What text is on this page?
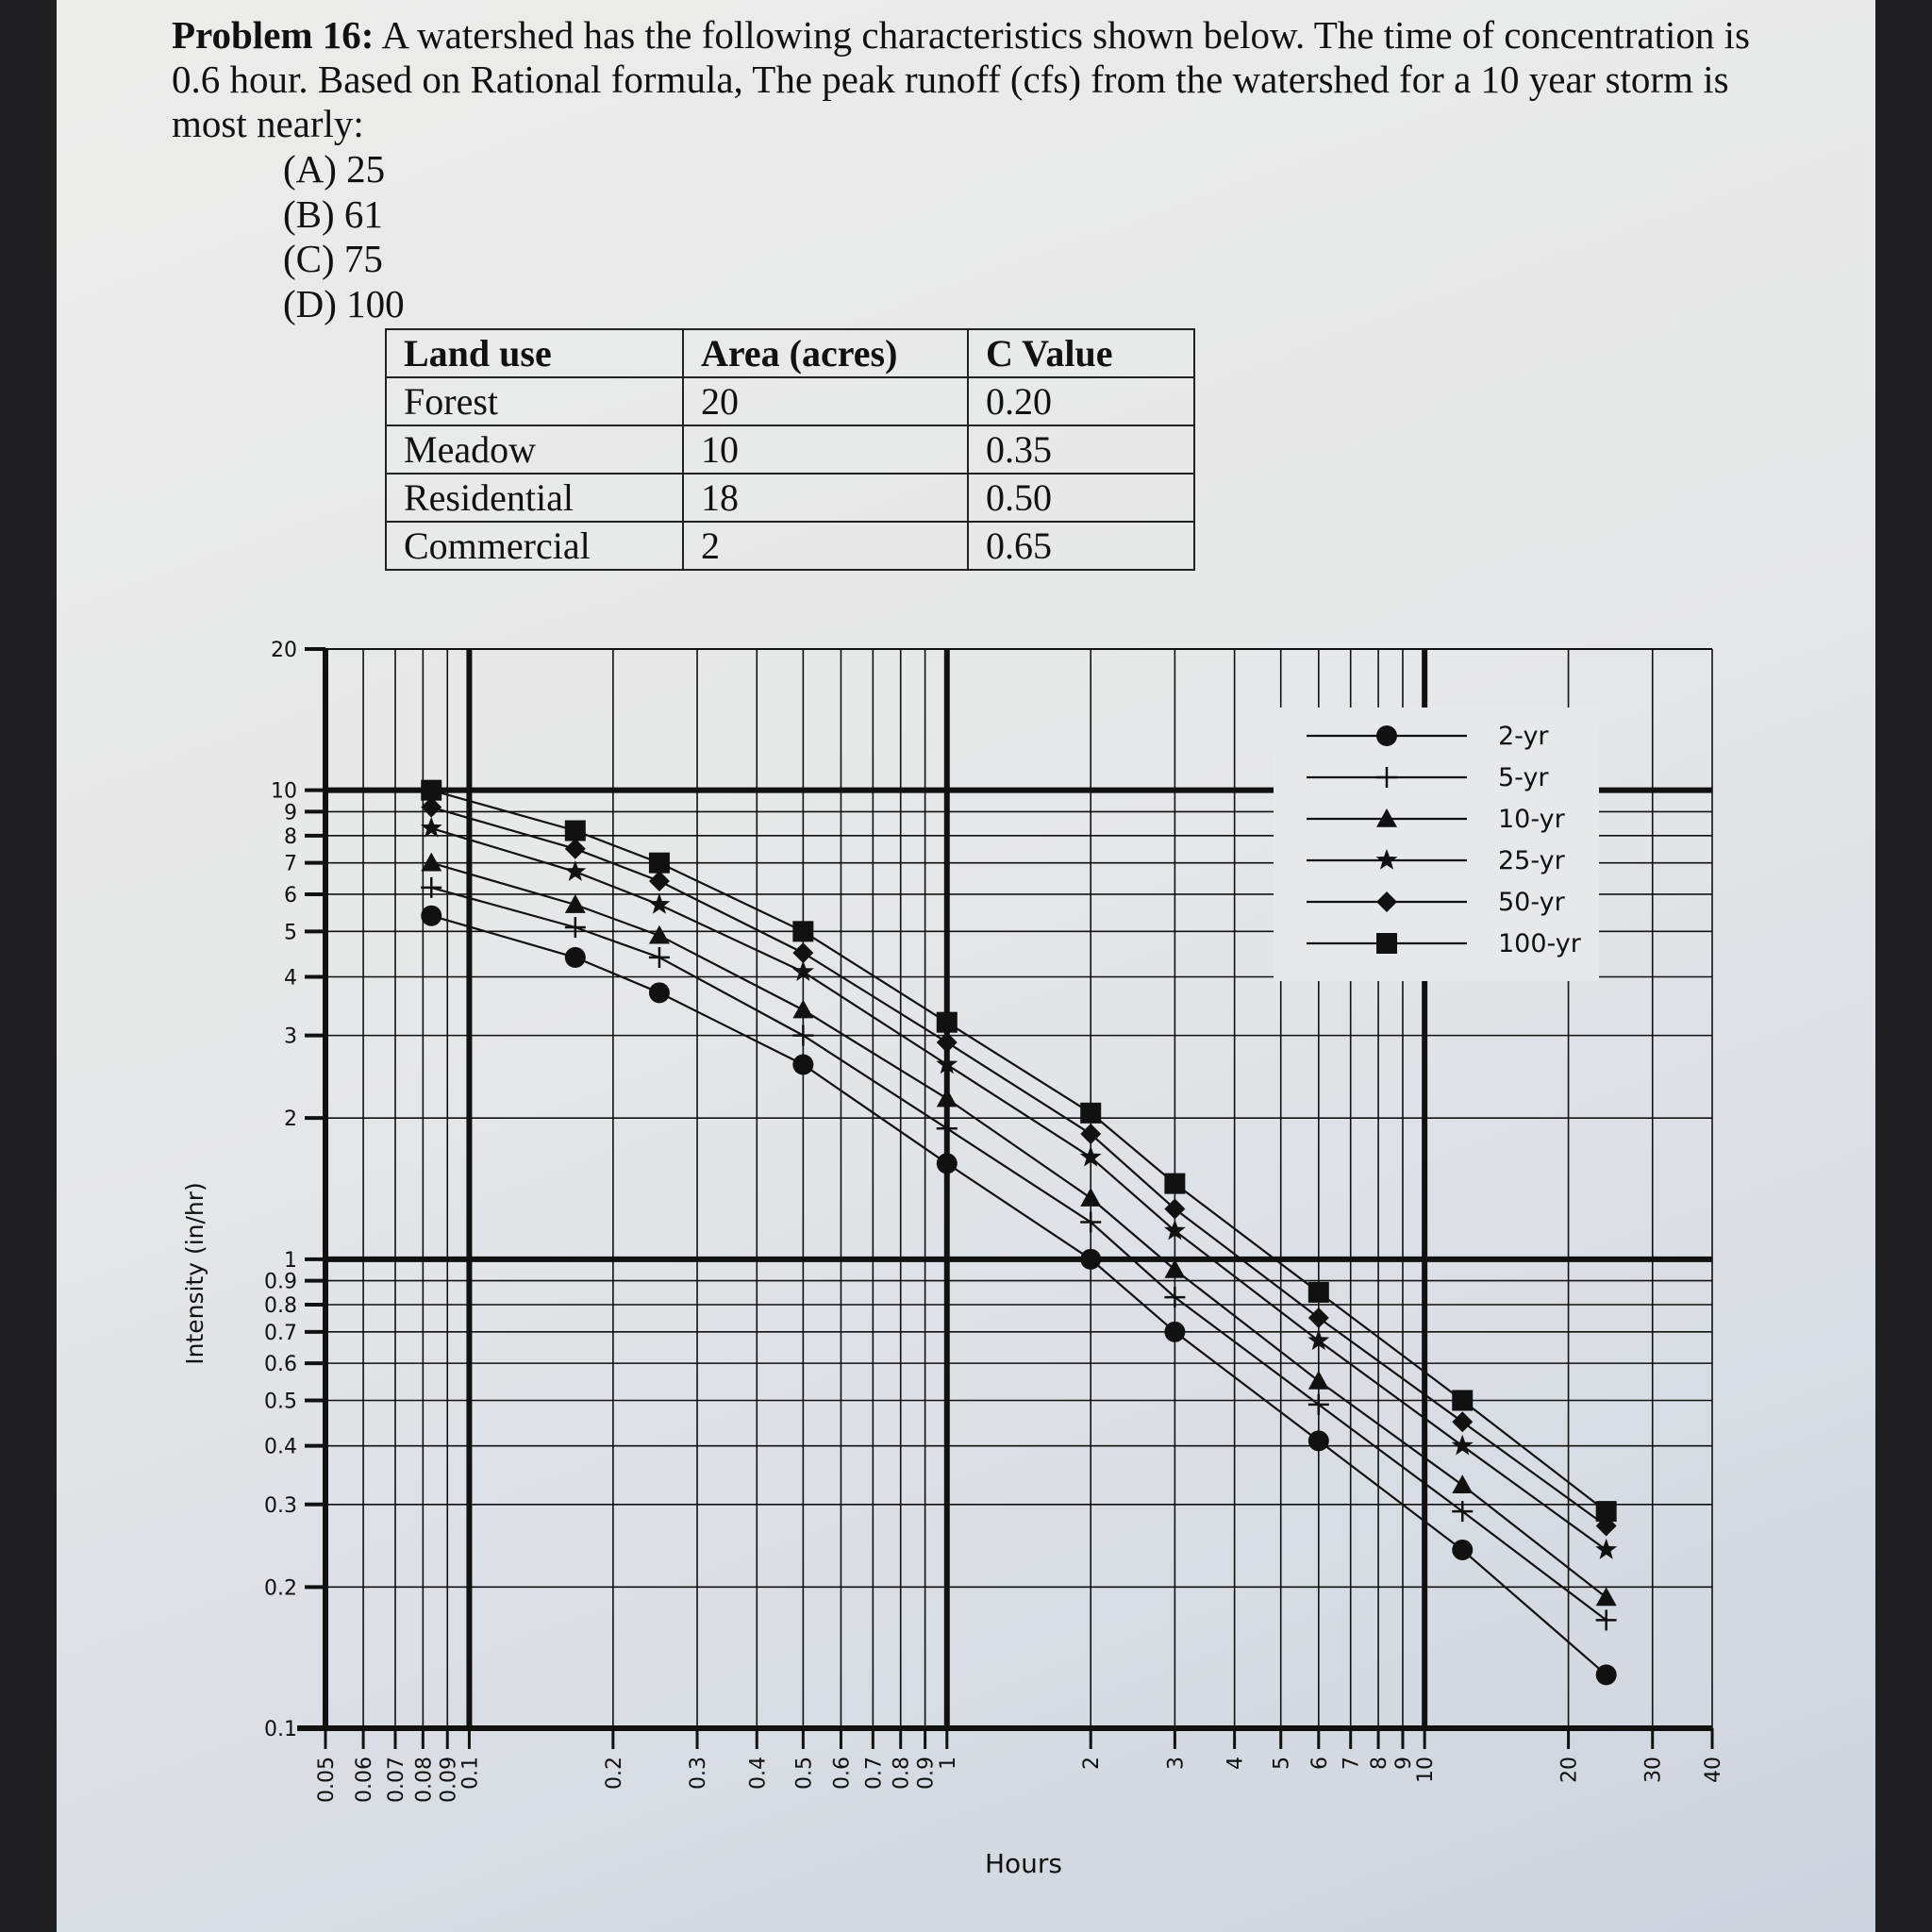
Problem 16: A watershed has the following characteristics shown below. The time of concentration is 0.6 hour. Based on Rational formula, The peak runoff (cfs) from the watershed for a 10 year storm is most nearly:
(A) 25
(B) 61
(C) 75
(D) 100
Land use	Area (acres)	C Value
Forest	20	0.20
Meadow	10	0.35
Residential	18	0.50
Commercial	2	0.65
0.1
0.2
0.3
0.4
0.5
0.6
0.7
0.8
0.9
1
2
3
4
5
6
7
8
9
10
20
0.05 0.06 0.07 0.08 0.09
0.1	0.2	0.3 0.4 0.5 0.6 0.7 0.8 0.9
1	2	3 4 5 6 7 8 9
10	20	30 40
Intensity (in/hr)
Hours
2-yr
5-yr
10-yr
25-yr
50-yr
100-yr
